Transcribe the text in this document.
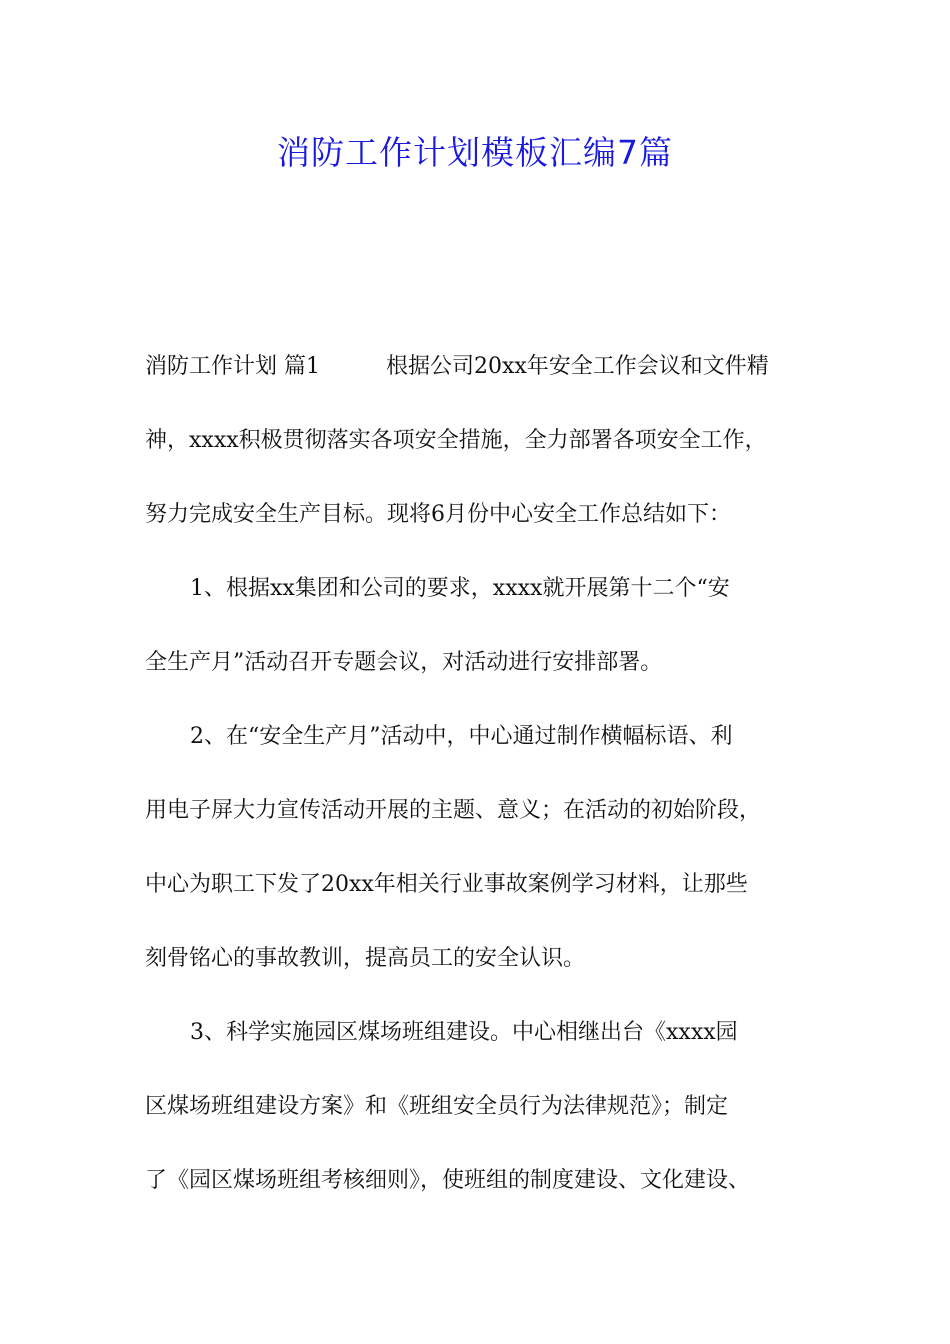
消防工作计划模板汇编7篇
消防工作计划 篇1　　　根据公司20xx年安全工作会议和文件精
神，xxxx积极贯彻落实各项安全措施，全力部署各项安全工作，
努力完成安全生产目标。现将6月份中心安全工作总结如下：
1、根据xx集团和公司的要求，xxxx就开展第十二个“安
全生产月”活动召开专题会议，对活动进行安排部署。
2、在“安全生产月”活动中，中心通过制作横幅标语、利
用电子屏大力宣传活动开展的主题、意义；在活动的初始阶段，
中心为职工下发了20xx年相关行业事故案例学习材料，让那些
刻骨铭心的事故教训，提高员工的安全认识。
3、科学实施园区煤场班组建设。中心相继出台《xxxx园
区煤场班组建设方案》和《班组安全员行为法律规范》；制定
了《园区煤场班组考核细则》，使班组的制度建设、文化建设、
